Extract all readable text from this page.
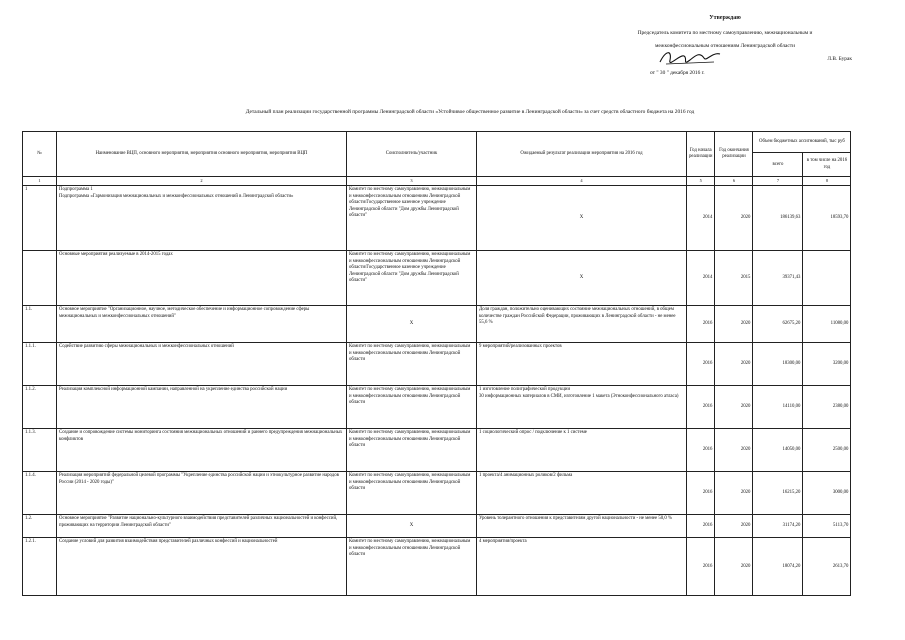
Утверждаю
Председатель комитета по местному самоуправлению, межнациональным и
межконфессиональным отношениям Ленинградской области
Л.В. Бурак
от " 30 " декабря 2016 г.
Детальный план реализации государственной программы Ленинградской области «Устойчивое общественное развитие в Ленинградской области» за счет средств областного бюджета на 2016 год
№	Наименование ВЦП, основного мероприятия, мероприятия основного мероприятия, мероприятия ВЦП	Соисполнитель/участник	Ожидаемый результат реализации мероприятия на 2016 год	Год начала реализации	Год окончания реализации	Объем бюджетных ассигнований, тыс руб	
						всего	в том числе на 2016 год
1	2	3	4	5	6	7	8
1	Подпрограмма 1
Подпрограмма «Гармонизация межнациональных и межконфессиональных отношений в Ленинградской области»	Комитет по местному самоуправлению, межнациональным и межконфессиональным отношениям Ленинградской области/Государственное казенное учреждение Ленинградской области "Дом дружбы Ленинградской области"	Х	2014	2020	186139,63	18593,70
	Основные мероприятия реализуемые в 2014-2015 годах	Комитет по местному самоуправлению, межнациональным и межконфессиональным отношениям Ленинградской области/Государственное казенное учреждение Ленинградской области "Дом дружбы Ленинградской области"	Х	2014	2015	39371,43	
1.1.	Основное мероприятие "Организационное, научное, методическое обеспечение и информационное сопровождение сферы межнациональных и межконфессиональных отношений"	Х	Доля граждан, положительно оценивающих состояние межнациональных отношений, в общем количестве граждан Российской Федерации, проживающих в Ленинградской области - не менее 55,6 %	2016	2020	62675,20	11080,00
1.1.1.	Содействие развитию сферы межнациональных и межконфессиональных отношений	Комитет по местному самоуправлению, межнациональным и межконфессиональным отношениям Ленинградской области	9 мероприятий/реализованных проектов	2016	2020	18300,00	3200,00
1.1.2.	Реализация комплексной информационной кампании, направленной на укрепление единства российской нации	Комитет по местному самоуправлению, межнациональным и межконфессиональным отношениям Ленинградской области	1 изготовление полиграфической продукции
30 информационных материалов в СМИ, изготовление 1 макета (Этноконфессионального атласа)	2016	2020	14110,00	2380,00
1.1.3.	Создание и сопровождение системы мониторинга состояния межнациональных отношений и раннего предупреждения межнациональных конфликтов	Комитет по местному самоуправлению, межнациональным и межконфессиональным отношениям Ленинградской области	1 социологический опрос / подключение к 1 системе	2016	2020	14050,00	2500,00
1.1.4.	Реализация мероприятий федеральной целевой программы "Укрепление единства российской нации и этнокультурное развитие народов России (2014 - 2020 годы)"	Комитет по местному самоуправлению, межнациональным и межконфессиональным отношениям Ленинградской области	1 проекта/4 анимационных роликов/2 фильма	2016	2020	16215,20	3000,00
1.2.	Основное мероприятие "Развитие национально-культурного взаимодействия представителей различных национальностей и конфессий, проживающих на территории Ленинградской области"	Х	Уровень толерантного отношения к представителям другой национальности - не менее 50,0 %	2016	2020	31174,20	5113,70
1.2.1.	Создание условий для развития взаимодействия представителей различных конфессий и национальностей	Комитет по местному самоуправлению, межнациональным и межконфессиональным отношениям Ленинградской области	4 мероприятия/проекта	2016	2020	18074,20	2613,70
